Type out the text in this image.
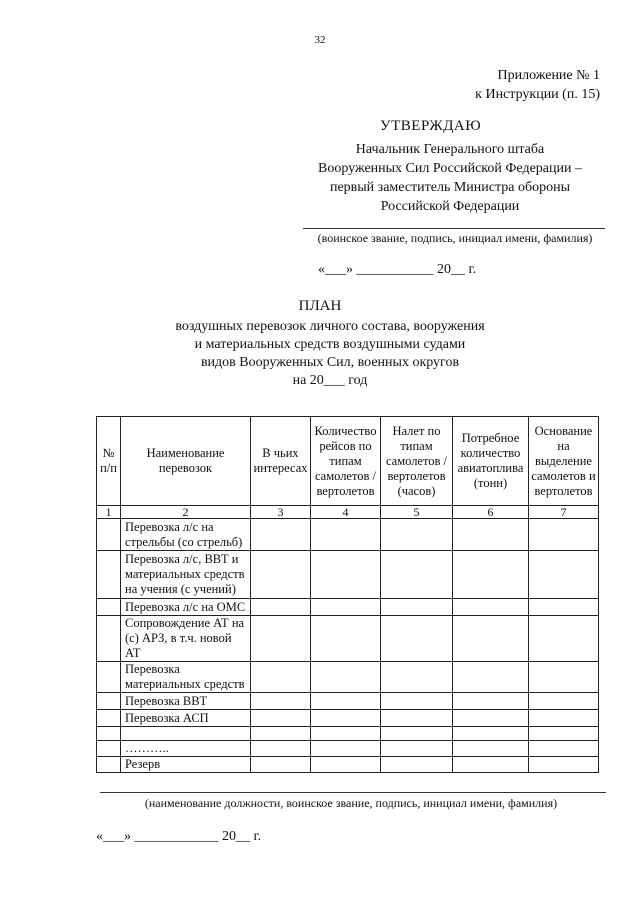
32
Приложение № 1
к Инструкции (п. 15)
УТВЕРЖДАЮ
Начальник Генерального штаба
Вооруженных Сил Российской Федерации –
первый заместитель Министра обороны
Российской Федерации
(воинское звание, подпись, инициал имени, фамилия)
«___» ___________ 20__ г.
ПЛАН
воздушных перевозок личного состава, вооружения
и материальных средств воздушными судами
видов Вооруженных Сил, военных округов
на 20___ год
№ п/п	Наименование перевозок	В чьих интересах	Количество рейсов по типам самолетов / вертолетов	Налет по типам самолетов / вертолетов (часов)	Потребное количество авиатоплива (тонн)	Основание на выделение самолетов и вертолетов
1	2	3	4	5	6	7
	Перевозка л/с на стрельбы (со стрельб)					
	Перевозка л/с, ВВТ и материальных средств на учения (с учений)					
	Перевозка л/с на ОМС					
	Сопровождение АТ на (с) АРЗ, в т.ч. новой АТ					
	Перевозка материальных средств					
	Перевозка ВВТ					
	Перевозка АСП					

	………..					
	Резерв					
(наименование должности, воинское звание, подпись, инициал имени, фамилия)
«___» ____________ 20__ г.
